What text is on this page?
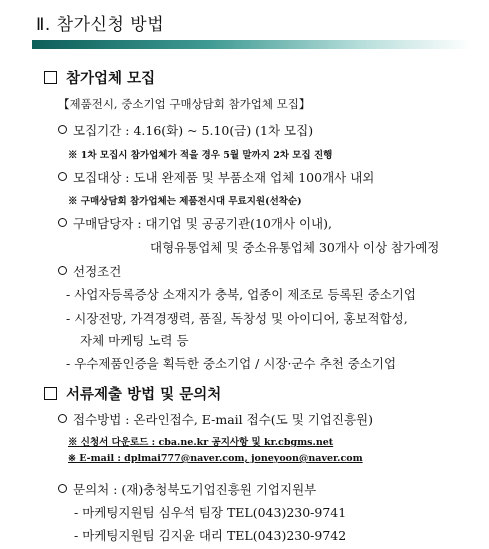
Ⅱ. 참가신청 방법
참가업체 모집
【제품전시, 중소기업 구매상담회 참가업체 모집】
모집기간 : 4.16(화) ~ 5.10(금) (1차 모집)
※ 1차 모집시 참가업체가 적을 경우 5월 말까지 2차 모집 진행
모집대상 : 도내 완제품 및 부품소재 업체 100개사 내외
※ 구매상담회 참가업체는 제품전시대 무료지원(선착순)
구매담당자 : 대기업 및 공공기관(10개사 이내),
대형유통업체 및 중소유통업체 30개사 이상 참가예정
선정조건
- 사업자등록증상 소재지가 충북, 업종이 제조로 등록된 중소기업
- 시장전망, 가격경쟁력, 품질, 독창성 및 아이디어, 홍보적합성,
자체 마케팅 노력 등
- 우수제품인증을 획득한 중소기업 / 시장·군수 추천 중소기업
서류제출 방법 및 문의처
접수방법 : 온라인접수, E-mail 접수(도 및 기업진흥원)
※ 신청서 다운로드 : cba.ne.kr 공지사항 및 kr.cbgms.net
※ E-mail : dplmai777@naver.com, joneyoon@naver.com
문의처 : (재)충청북도기업진흥원 기업지원부
- 마케팅지원팀 심우석 팀장 TEL(043)230-9741
- 마케팅지원팀 김지윤 대리 TEL(043)230-9742
